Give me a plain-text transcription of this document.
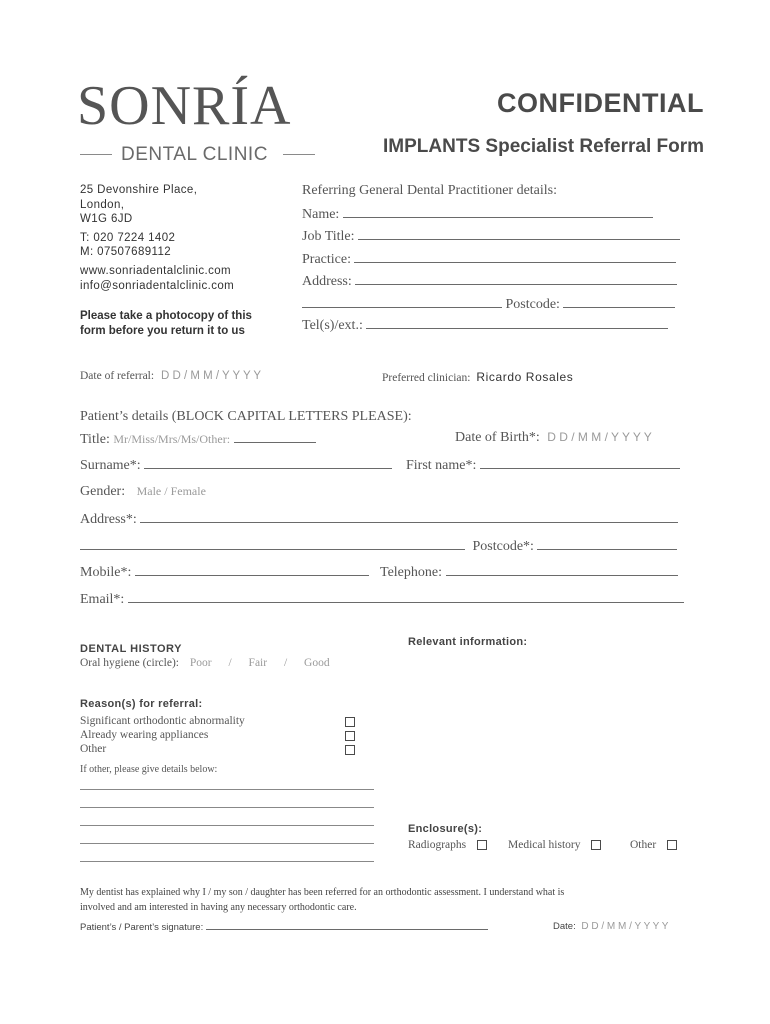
SONRÍA
DENTAL CLINIC
CONFIDENTIAL
IMPLANTS Specialist Referral Form
25 Devonshire Place,
London,
W1G 6JD
T: 020 7224 1402
M: 07507689112
www.sonriadentalclinic.com
info@sonriadentalclinic.com
Please take a photocopy of this
form before you return it to us
Referring General Dental Practitioner details:
Name:
Job Title:
Practice:
Address:
Postcode:
Tel(s)/ext.:
Date of referral: D D / M M / Y Y Y Y	Preferred clinician: Ricardo Rosales
Patient’s details (BLOCK CAPITAL LETTERS PLEASE):
Title: Mr/Miss/Mrs/Ms/Other:	Date of Birth*: D D / M M / Y Y Y Y
Surname*:	First name*:
Gender: Male / Female
Address*:
Postcode*:
Mobile*:	Telephone:
Email*:
DENTAL HISTORY
Oral hygiene (circle): Poor / Fair / Good
Relevant information:
Reason(s) for referral:
Significant orthodontic abnormality
Already wearing appliances
Other
If other, please give details below:
Enclosure(s):
Radiographs	Medical history	Other
My dentist has explained why I / my son / daughter has been referred for an orthodontic assessment. I understand what is
involved and am interested in having any necessary orthodontic care.
Patient’s / Parent’s signature:	Date: D D / M M / Y Y Y Y
